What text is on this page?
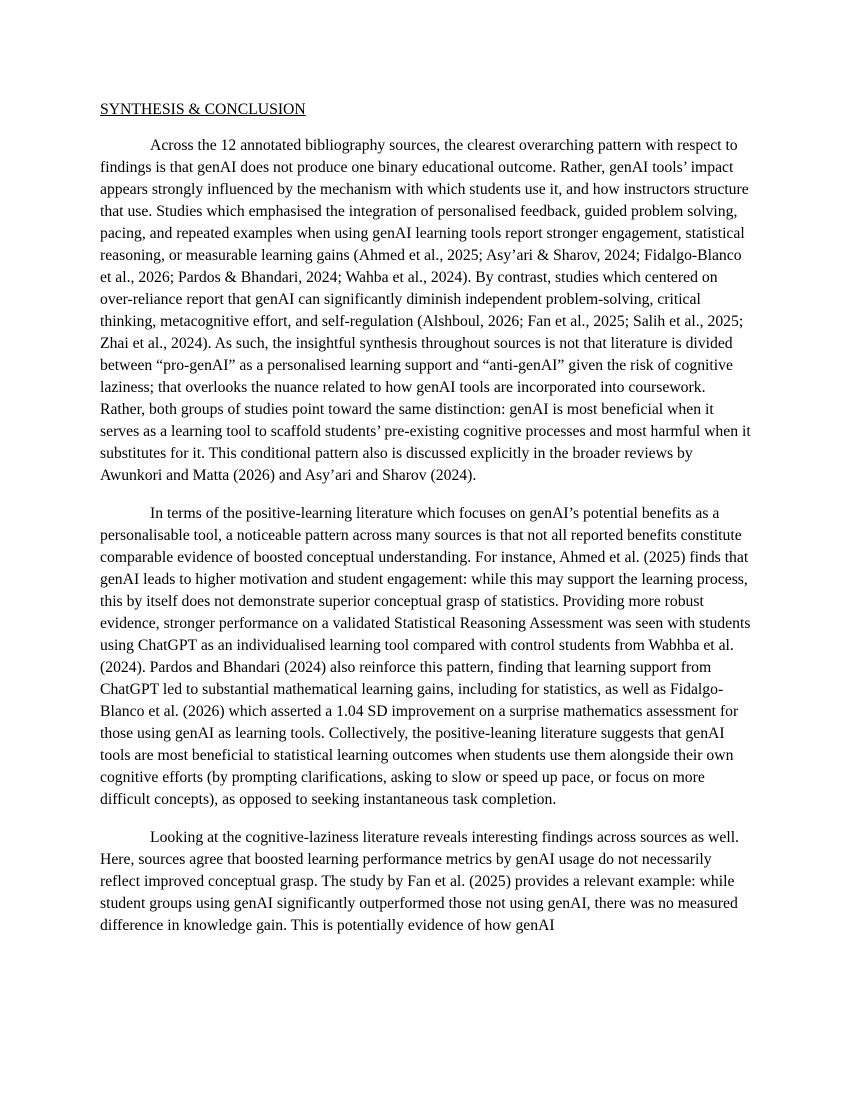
SYNTHESIS & CONCLUSION

Across the 12 annotated bibliography sources, the clearest overarching pattern with respect to findings is that genAI does not produce one binary educational outcome. Rather, genAI tools’ impact appears strongly influenced by the mechanism with which students use it, and how instructors structure that use. Studies which emphasised the integration of personalised feedback, guided problem solving, pacing, and repeated examples when using genAI learning tools report stronger engagement, statistical reasoning, or measurable learning gains (Ahmed et al., 2025; Asy’ari & Sharov, 2024; Fidalgo-Blanco et al., 2026; Pardos & Bhandari, 2024; Wahba et al., 2024). By contrast, studies which centered on over-reliance report that genAI can significantly diminish independent problem-solving, critical thinking, metacognitive effort, and self-regulation (Alshboul, 2026; Fan et al., 2025; Salih et al., 2025; Zhai et al., 2024). As such, the insightful synthesis throughout sources is not that literature is divided between “pro-genAI” as a personalised learning support and “anti-genAI” given the risk of cognitive laziness; that overlooks the nuance related to how genAI tools are incorporated into coursework. Rather, both groups of studies point toward the same distinction: genAI is most beneficial when it serves as a learning tool to scaffold students’ pre-existing cognitive processes and most harmful when it substitutes for it. This conditional pattern also is discussed explicitly in the broader reviews by Awunkori and Matta (2026) and Asy’ari and Sharov (2024).

In terms of the positive-learning literature which focuses on genAI’s potential benefits as a personalisable tool, a noticeable pattern across many sources is that not all reported benefits constitute comparable evidence of boosted conceptual understanding. For instance, Ahmed et al. (2025) finds that genAI leads to higher motivation and student engagement: while this may support the learning process, this by itself does not demonstrate superior conceptual grasp of statistics. Providing more robust evidence, stronger performance on a validated Statistical Reasoning Assessment was seen with students using ChatGPT as an individualised learning tool compared with control students from Wabhba et al. (2024). Pardos and Bhandari (2024) also reinforce this pattern, finding that learning support from ChatGPT led to substantial mathematical learning gains, including for statistics, as well as Fidalgo-Blanco et al. (2026) which asserted a 1.04 SD improvement on a surprise mathematics assessment for those using genAI as learning tools. Collectively, the positive-leaning literature suggests that genAI tools are most beneficial to statistical learning outcomes when students use them alongside their own cognitive efforts (by prompting clarifications, asking to slow or speed up pace, or focus on more difficult concepts), as opposed to seeking instantaneous task completion.

Looking at the cognitive-laziness literature reveals interesting findings across sources as well. Here, sources agree that boosted learning performance metrics by genAI usage do not necessarily reflect improved conceptual grasp. The study by Fan et al. (2025) provides a relevant example: while student groups using genAI significantly outperformed those not using genAI, there was no measured difference in knowledge gain. This is potentially evidence of how genAI
